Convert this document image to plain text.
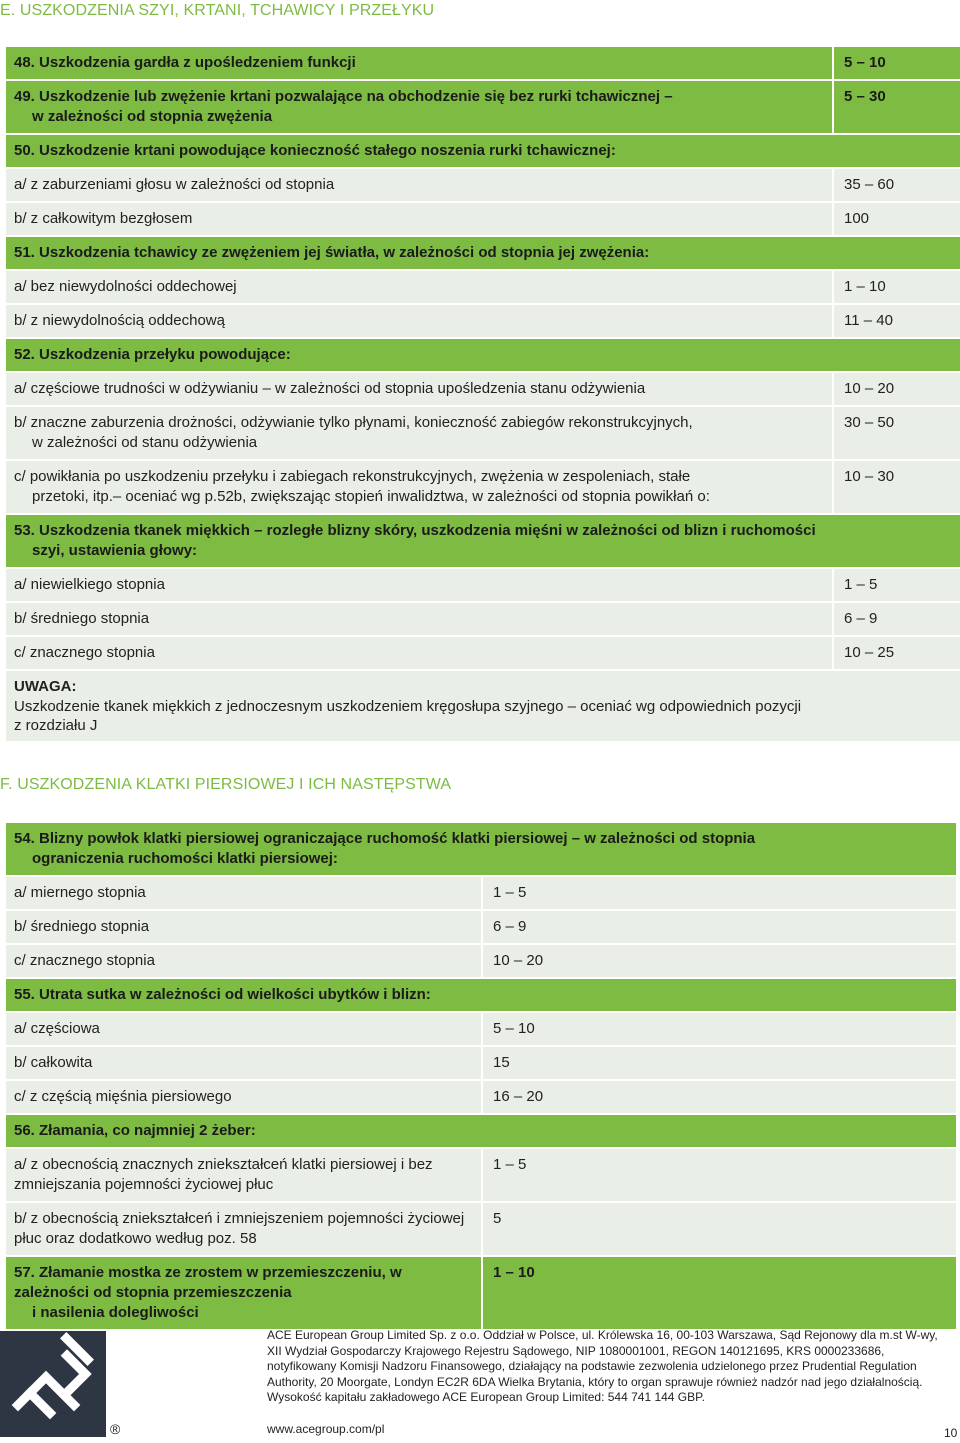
E. USZKODZENIA SZYI, KRTANI, TCHAWICY I PRZEŁYKU
48. Uszkodzenia gardła z upośledzeniem funkcji	5 – 10
49. Uszkodzenie lub zwężenie krtani pozwalające na obchodzenie się bez rurki tchawicznej –
w zależności od stopnia zwężenia	5 – 30
50. Uszkodzenie krtani powodujące konieczność stałego noszenia rurki tchawicznej:	
a/ z zaburzeniami głosu w zależności od stopnia	35 – 60
b/ z całkowitym bezgłosem	100
51. Uszkodzenia tchawicy ze zwężeniem jej światła, w zależności od stopnia jej zwężenia:	
a/ bez niewydolności oddechowej	1 – 10
b/ z niewydolnością oddechową	11 – 40
52. Uszkodzenia przełyku powodujące:	
a/ częściowe trudności w odżywianiu – w zależności od stopnia upośledzenia stanu odżywienia	10 – 20
b/ znaczne zaburzenia drożności, odżywianie tylko płynami, konieczność zabiegów rekonstrukcyjnych,
w zależności od stanu odżywienia	30 – 50
c/ powikłania po uszkodzeniu przełyku i zabiegach rekonstrukcyjnych, zwężenia w zespoleniach, stałe
przetoki, itp.– oceniać wg p.52b, zwiększając stopień inwalidztwa, w zależności od stopnia powikłań o:	10 – 30
53. Uszkodzenia tkanek miękkich – rozległe blizny skóry, uszkodzenia mięśni w zależności od blizn i ruchomości
szyi, ustawienia głowy:	

a/ niewielkiego stopnia	1 – 5
b/ średniego stopnia	6 – 9
c/ znacznego stopnia	10 – 25

UWAGA:
Uszkodzenie tkanek miękkich z jednoczesnym uszkodzeniem kręgosłupa szyjnego – oceniać wg odpowiednich pozycji
z rozdziału J	
F. USZKODZENIA KLATKI PIERSIOWEJ I ICH NASTĘPSTWA
54. Blizny powłok klatki piersiowej ograniczające ruchomość klatki piersiowej – w zależności od stopnia
ograniczenia ruchomości klatki piersiowej:	

a/ miernego stopnia	1 – 5
b/ średniego stopnia	6 – 9
c/ znacznego stopnia	10 – 20
55. Utrata sutka w zależności od wielkości ubytków i blizn:	
a/ częściowa	5 – 10
b/ całkowita	15
c/ z częścią mięśnia piersiowego	16 – 20
56. Złamania, co najmniej 2 żeber:	
a/ z obecnością znacznych zniekształceń klatki piersiowej i bez zmniejszania pojemności życiowej płuc	1 – 5
b/ z obecnością zniekształceń i zmniejszeniem pojemności życiowej płuc oraz dodatkowo według poz. 58	5
57. Złamanie mostka ze zrostem w przemieszczeniu, w zależności od stopnia przemieszczenia
i nasilenia dolegliwości	1 – 10
®
ACE European Group Limited Sp. z o.o. Oddział w Polsce, ul. Królewska 16, 00-103 Warszawa, Sąd Rejonowy dla m.st W-wy, XII Wydział Gospodarczy Krajowego Rejestru Sądowego, NIP 1080001001, REGON 140121695, KRS 0000233686, notyfikowany Komisji Nadzoru Finansowego, działający na podstawie zezwolenia udzielonego przez Prudential Regulation Authority, 20 Moorgate, Londyn EC2R 6DA Wielka Brytania, który to organ sprawuje również nadzór nad jego działalnością. Wysokość kapitału zakładowego ACE European Group Limited: 544 741 144 GBP.
www.acegroup.com/pl	10
